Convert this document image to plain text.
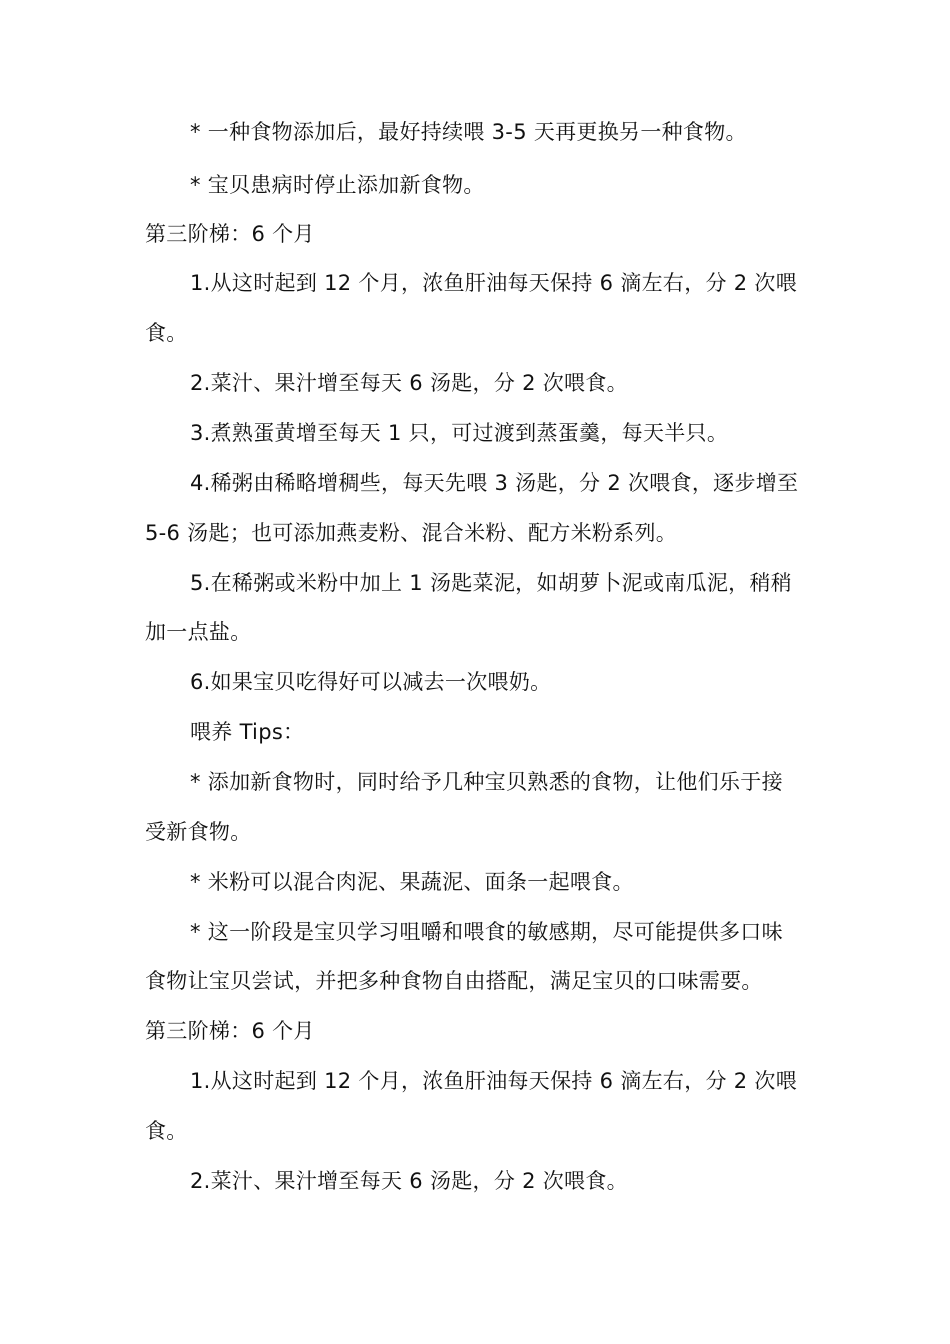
* 一种食物添加后，最好持续喂 3-5 天再更换另一种食物。
* 宝贝患病时停止添加新食物。
第三阶梯：6 个月
1.从这时起到 12 个月，浓鱼肝油每天保持 6 滴左右，分 2 次喂
食。
2.菜汁、果汁增至每天 6 汤匙，分 2 次喂食。
3.煮熟蛋黄增至每天 1 只，可过渡到蒸蛋羹，每天半只。
4.稀粥由稀略增稠些，每天先喂 3 汤匙，分 2 次喂食，逐步增至
5-6 汤匙；也可添加燕麦粉、混合米粉、配方米粉系列。
5.在稀粥或米粉中加上 1 汤匙菜泥，如胡萝卜泥或南瓜泥，稍稍
加一点盐。
6.如果宝贝吃得好可以减去一次喂奶。
喂养 Tips：
* 添加新食物时，同时给予几种宝贝熟悉的食物，让他们乐于接
受新食物。
* 米粉可以混合肉泥、果蔬泥、面条一起喂食。
* 这一阶段是宝贝学习咀嚼和喂食的敏感期，尽可能提供多口味
食物让宝贝尝试，并把多种食物自由搭配，满足宝贝的口味需要。
第三阶梯：6 个月
1.从这时起到 12 个月，浓鱼肝油每天保持 6 滴左右，分 2 次喂
食。
2.菜汁、果汁增至每天 6 汤匙，分 2 次喂食。
